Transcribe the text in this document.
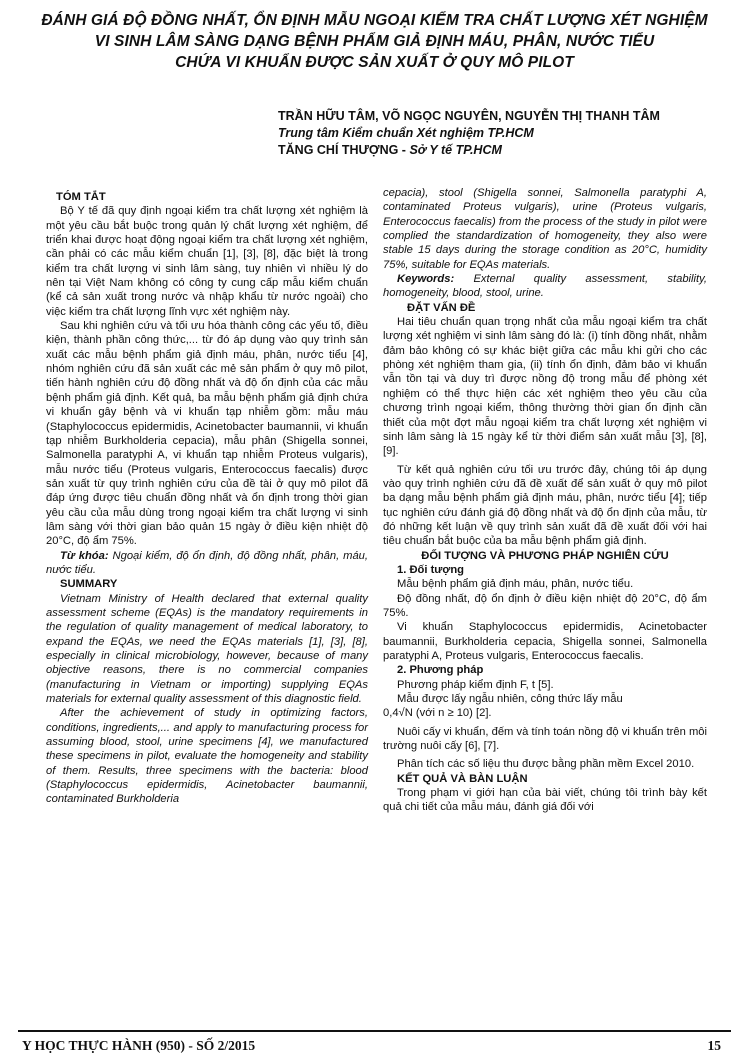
ĐÁNH GIÁ ĐỘ ĐỒNG NHẤT, ỔN ĐỊNH MẪU NGOẠI KIỂM TRA CHẤT LƯỢNG XÉT NGHIỆM
VI SINH LÂM SÀNG DẠNG BỆNH PHẨM GIẢ ĐỊNH MÁU, PHÂN, NƯỚC TIỂU
CHỨA VI KHUẨN ĐƯỢC SẢN XUẤT Ở QUY MÔ PILOT
TRẦN HỮU TÂM, VÕ NGỌC NGUYÊN, NGUYỄN THỊ THANH TÂM
Trung tâm Kiểm chuẩn Xét nghiệm TP.HCM
TĂNG CHÍ THƯỢNG - Sở Y tế TP.HCM

TÓM TẮT

Bộ Y tế đã quy định ngoại kiểm tra chất lượng xét nghiệm là một yêu cầu bắt buộc trong quản lý chất lượng xét nghiệm, để triển khai được hoạt động ngoại kiểm tra chất lượng xét nghiệm, cần phải có các mẫu kiểm chuẩn [1], [3], [8], đặc biệt là trong kiểm tra chất lượng vi sinh lâm sàng, tuy nhiên vì nhiều lý do nên tại Việt Nam không có công ty cung cấp mẫu kiểm chuẩn (kể cả sản xuất trong nước và nhập khẩu từ nước ngoài) cho việc kiểm tra chất lượng lĩnh vực xét nghiệm này.

Sau khi nghiên cứu và tối ưu hóa thành công các yếu tố, điều kiện, thành phần công thức,... từ đó áp dụng vào quy trình sản xuất các mẫu bệnh phẩm giả định máu, phân, nước tiểu [4], nhóm nghiên cứu đã sản xuất các mẻ sản phẩm ở quy mô pilot, tiến hành nghiên cứu độ đồng nhất và độ ổn định của các mẫu bệnh phẩm giả định. Kết quả, ba mẫu bệnh phẩm giả định chứa vi khuẩn gây bệnh và vi khuẩn tạp nhiễm gồm: mẫu máu (Staphylococcus epidermidis, Acinetobacter baumannii, vi khuẩn tạp nhiễm Burkholderia cepacia), mẫu phân (Shigella sonnei, Salmonella paratyphi A, vi khuẩn tạp nhiễm Proteus vulgaris), mẫu nước tiểu (Proteus vulgaris, Enterococcus faecalis) được sản xuất từ quy trình nghiên cứu của đề tài ở quy mô pilot đã đáp ứng được tiêu chuẩn đồng nhất và ổn định trong thời gian yêu cầu của mẫu dùng trong ngoại kiểm tra chất lượng vi sinh lâm sàng với thời gian bảo quản 15 ngày ở điều kiện nhiệt độ 20°C, độ ẩm 75%.

Từ khóa: Ngoại kiểm, độ ổn định, độ đồng nhất, phân, máu, nước tiểu.

SUMMARY

Vietnam Ministry of Health declared that external quality assessment scheme (EQAs) is the mandatory requirements in the regulation of quality management of medical laboratory, to expand the EQAs, we need the EQAs materials [1], [3], [8], especially in clinical microbiology, however, because of many objective reasons, there is no commercial companies (manufacturing in Vietnam or importing) supplying EQAs materials for external quality assessment of this diagnostic field.

After the achievement of study in optimizing factors, conditions, ingredients,... and apply to manufacturing process for assuming blood, stool, urine specimens [4], we manufactured these specimens in pilot, evaluate the homogeneity and stability of them. Results, three specimens with the bacteria: blood (Staphylococcus epidermidis, Acinetobacter baumannii, contaminated Burkholderia

cepacia), stool (Shigella sonnei, Salmonella paratyphi A, contaminated Proteus vulgaris), urine (Proteus vulgaris, Enterococcus faecalis) from the process of the study in pilot were complied the standardization of homogeneity, they also were stable 15 days during the storage condition as 20°C, humidity 75%, suitable for EQAs materials.

Keywords: External quality assessment, stability, homogeneity, blood, stool, urine.

ĐẶT VẤN ĐỀ

Hai tiêu chuẩn quan trọng nhất của mẫu ngoại kiểm tra chất lượng xét nghiệm vi sinh lâm sàng đó là: (i) tính đồng nhất, nhằm đảm bảo không có sự khác biệt giữa các mẫu khi gửi cho các phòng xét nghiệm tham gia, (ii) tính ổn định, đảm bảo vi khuẩn vẫn tồn tại và duy trì được nồng độ trong mẫu để phòng xét nghiệm có thể thực hiện các xét nghiệm theo yêu cầu của chương trình ngoại kiểm, thông thường thời gian ổn định cần thiết của một đợt mẫu ngoại kiểm tra chất lượng xét nghiệm vi sinh lâm sàng là 15 ngày kể từ thời điểm sản xuất mẫu [3], [8], [9].

Từ kết quả nghiên cứu tối ưu trước đây, chúng tôi áp dụng vào quy trình nghiên cứu đã đề xuất để sản xuất ở quy mô pilot ba dạng mẫu bệnh phẩm giả định máu, phân, nước tiểu [4]; tiếp tục nghiên cứu đánh giá độ đồng nhất và độ ổn định của mẫu, từ đó những kết luận về quy trình sản xuất đã đề xuất đối với hai tiêu chuẩn bắt buộc của ba mẫu bệnh phẩm giả định.

ĐỐI TƯỢNG VÀ PHƯƠNG PHÁP NGHIÊN CỨU

1. Đối tượng

Mẫu bệnh phẩm giả định máu, phân, nước tiểu.

Độ đồng nhất, độ ổn định ở điều kiện nhiệt độ 20°C, độ ẩm 75%.

Vi khuẩn Staphylococcus epidermidis, Acinetobacter baumannii, Burkholderia cepacia, Shigella sonnei, Salmonella paratyphi A, Proteus vulgaris, Enterococcus faecalis.

2. Phương pháp

Phương pháp kiểm định F, t [5].

Mẫu được lấy ngẫu nhiên, công thức lấy mẫu

0,4√N (với n ≥ 10) [2].

Nuôi cấy vi khuẩn, đếm và tính toán nồng độ vi khuẩn trên môi trường nuôi cấy [6], [7].

Phân tích các số liệu thu được bằng phần mềm Excel 2010.

KẾT QUẢ VÀ BÀN LUẬN

Trong phạm vi giới hạn của bài viết, chúng tôi trình bày kết quả chi tiết của mẫu máu, đánh giá đối với

Y HỌC THỰC HÀNH (950) - SỐ 2/2015	15
